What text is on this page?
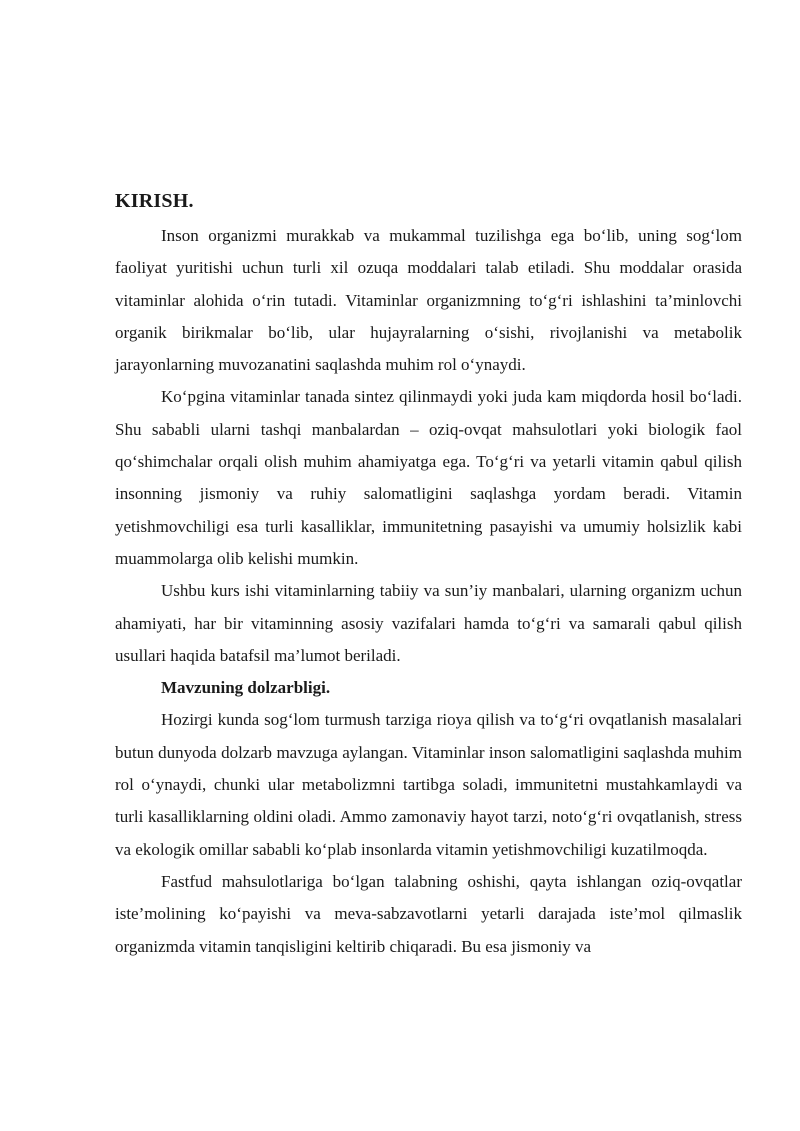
KIRISH.

Inson organizmi murakkab va mukammal tuzilishga ega bo‘lib, uning sog‘lom faoliyat yuritishi uchun turli xil ozuqa moddalari talab etiladi. Shu moddalar orasida vitaminlar alohida o‘rin tutadi. Vitaminlar organizmning to‘g‘ri ishlashini ta’minlovchi organik birikmalar bo‘lib, ular hujayralarning o‘sishi, rivojlanishi va metabolik jarayonlarning muvozanatini saqlashda muhim rol o‘ynaydi.

Ko‘pgina vitaminlar tanada sintez qilinmaydi yoki juda kam miqdorda hosil bo‘ladi. Shu sababli ularni tashqi manbalardan – oziq-ovqat mahsulotlari yoki biologik faol qo‘shimchalar orqali olish muhim ahamiyatga ega. To‘g‘ri va yetarli vitamin qabul qilish insonning jismoniy va ruhiy salomatligini saqlashga yordam beradi. Vitamin yetishmovchiligi esa turli kasalliklar, immunitetning pasayishi va umumiy holsizlik kabi muammolarga olib kelishi mumkin.

Ushbu kurs ishi vitaminlarning tabiiy va sun’iy manbalari, ularning organizm uchun ahamiyati, har bir vitaminning asosiy vazifalari hamda to‘g‘ri va samarali qabul qilish usullari haqida batafsil ma’lumot beriladi.

Mavzuning dolzarbligi.

Hozirgi kunda sog‘lom turmush tarziga rioya qilish va to‘g‘ri ovqatlanish masalalari butun dunyoda dolzarb mavzuga aylangan. Vitaminlar inson salomatligini saqlashda muhim rol o‘ynaydi, chunki ular metabolizmni tartibga soladi, immunitetni mustahkamlaydi va turli kasalliklarning oldini oladi. Ammo zamonaviy hayot tarzi, noto‘g‘ri ovqatlanish, stress va ekologik omillar sababli ko‘plab insonlarda vitamin yetishmovchiligi kuzatilmoqda.

Fastfud mahsulotlariga bo‘lgan talabning oshishi, qayta ishlangan oziq-ovqatlar iste’molining ko‘payishi va meva-sabzavotlarni yetarli darajada iste’mol qilmaslik organizmda vitamin tanqisligini keltirib chiqaradi. Bu esa jismoniy va
